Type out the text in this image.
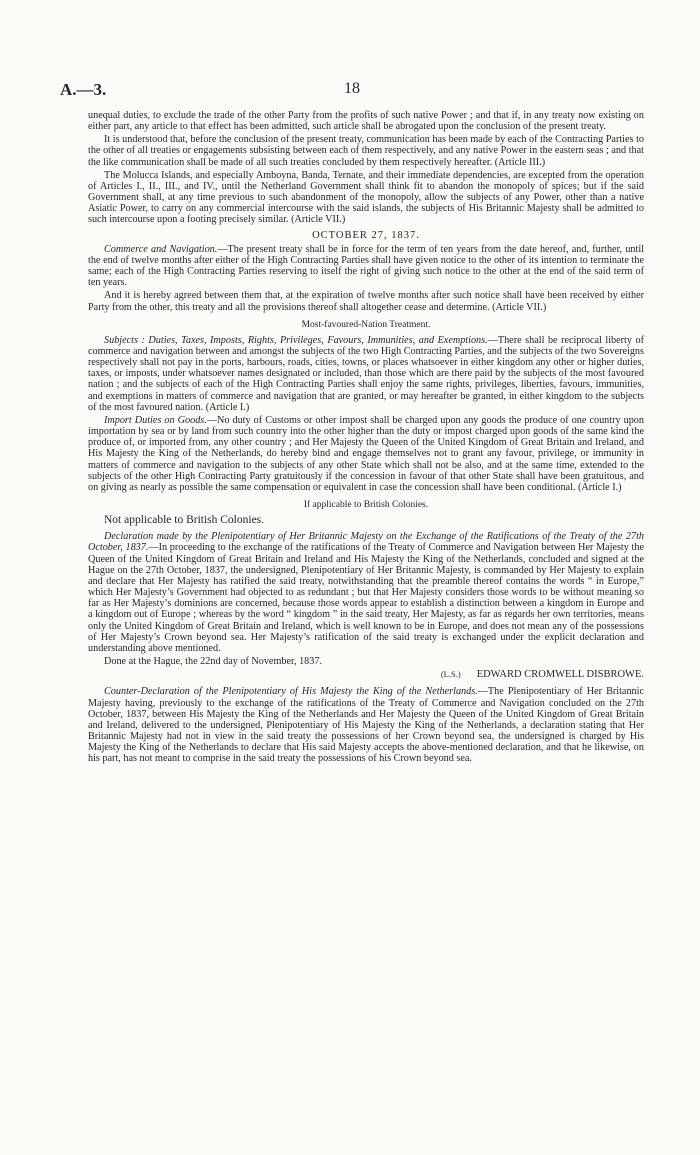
A.—3.	18

unequal duties, to exclude the trade of the other Party from the profits of such native Power ; and that if, in any treaty now existing on either part, any article to that effect has been admitted, such article shall be abrogated upon the conclusion of the present treaty.

It is understood that, before the conclusion of the present treaty, communication has been made by each of the Contracting Parties to the other of all treaties or engagements subsisting between each of them respectively, and any native Power in the eastern seas ; and that the like communication shall be made of all such treaties concluded by them respectively hereafter. (Article III.)

The Molucca Islands, and especially Amboyna, Banda, Ternate, and their immediate dependencies, are excepted from the operation of Articles I., II., III., and IV., until the Netherland Government shall think fit to abandon the monopoly of spices; but if the said Government shall, at any time previous to such abandonment of the monopoly, allow the subjects of any Power, other than a native Asiatic Power, to carry on any commercial intercourse with the said islands, the subjects of His Britannic Majesty shall be admitted to such intercourse upon a footing precisely similar. (Article VII.)

OCTOBER 27, 1837.

Commerce and Navigation.—The present treaty shall be in force for the term of ten years from the date hereof, and, further, until the end of twelve months after either of the High Contracting Parties shall have given notice to the other of its intention to terminate the same; each of the High Contracting Parties reserving to itself the right of giving such notice to the other at the end of the said term of ten years.

And it is hereby agreed between them that, at the expiration of twelve months after such notice shall have been received by either Party from the other, this treaty and all the provisions thereof shall altogether cease and determine. (Article VII.)

Most-favoured-Nation Treatment.

Subjects : Duties, Taxes, Imposts, Rights, Privileges, Favours, Immunities, and Exemptions.—There shall be reciprocal liberty of commerce and navigation between and amongst the subjects of the two High Contracting Parties, and the subjects of the two Sovereigns respectively shall not pay in the ports, harbours, roads, cities, towns, or places whatsoever in either kingdom any other or higher duties, taxes, or imposts, under whatsoever names designated or included, than those which are there paid by the subjects of the most favoured nation ; and the subjects of each of the High Contracting Parties shall enjoy the same rights, privileges, liberties, favours, immunities, and exemptions in matters of commerce and navigation that are granted, or may hereafter be granted, in either kingdom to the subjects of the most favoured nation. (Article I.)

Import Duties on Goods.—No duty of Customs or other impost shall be charged upon any goods the produce of one country upon importation by sea or by land from such country into the other higher than the duty or impost charged upon goods of the same kind the produce of, or imported from, any other country ; and Her Majesty the Queen of the United Kingdom of Great Britain and Ireland, and His Majesty the King of the Netherlands, do hereby bind and engage themselves not to grant any favour, privilege, or immunity in matters of commerce and navigation to the subjects of any other State which shall not be also, and at the same time, extended to the subjects of the other High Contracting Party gratuitously if the concession in favour of that other State shall have been gratuitous, and on giving as nearly as possible the same compensation or equivalent in case the concession shall have been conditional. (Article I.)

If applicable to British Colonies.

Not applicable to British Colonies.

Declaration made by the Plenipotentiary of Her Britannic Majesty on the Exchange of the Ratifications of the Treaty of the 27th October, 1837.—In proceeding to the exchange of the ratifications of the Treaty of Commerce and Navigation between Her Majesty the Queen of the United Kingdom of Great Britain and Ireland and His Majesty the King of the Netherlands, concluded and signed at the Hague on the 27th October, 1837, the undersigned, Plenipotentiary of Her Britannic Majesty, is commanded by Her Majesty to explain and declare that Her Majesty has ratified the said treaty, notwithstanding that the preamble thereof contains the words “ in Europe,” which Her Majesty’s Government had objected to as redundant ; but that Her Majesty considers those words to be without meaning so far as Her Majesty’s dominions are concerned, because those words appear to establish a distinction between a kingdom in Europe and a kingdom out of Europe ; whereas by the word “ kingdom ” in the said treaty, Her Majesty, as far as regards her own territories, means only the United Kingdom of Great Britain and Ireland, which is well known to be in Europe, and does not mean any of the possessions of Her Majesty’s Crown beyond sea. Her Majesty’s ratification of the said treaty is exchanged under the explicit declaration and understanding above mentioned.

Done at the Hague, the 22nd day of November, 1837.

(L.S.) EDWARD CROMWELL DISBROWE.

Counter-Declaration of the Plenipotentiary of His Majesty the King of the Netherlands.—The Plenipotentiary of Her Britannic Majesty having, previously to the exchange of the ratifications of the Treaty of Commerce and Navigation concluded on the 27th October, 1837, between His Majesty the King of the Netherlands and Her Majesty the Queen of the United Kingdom of Great Britain and Ireland, delivered to the undersigned, Plenipotentiary of His Majesty the King of the Netherlands, a declaration stating that Her Britannic Majesty had not in view in the said treaty the possessions of her Crown beyond sea, the undersigned is charged by His Majesty the King of the Netherlands to declare that His said Majesty accepts the above-mentioned declaration, and that he likewise, on his part, has not meant to comprise in the said treaty the possessions of his Crown beyond sea.
